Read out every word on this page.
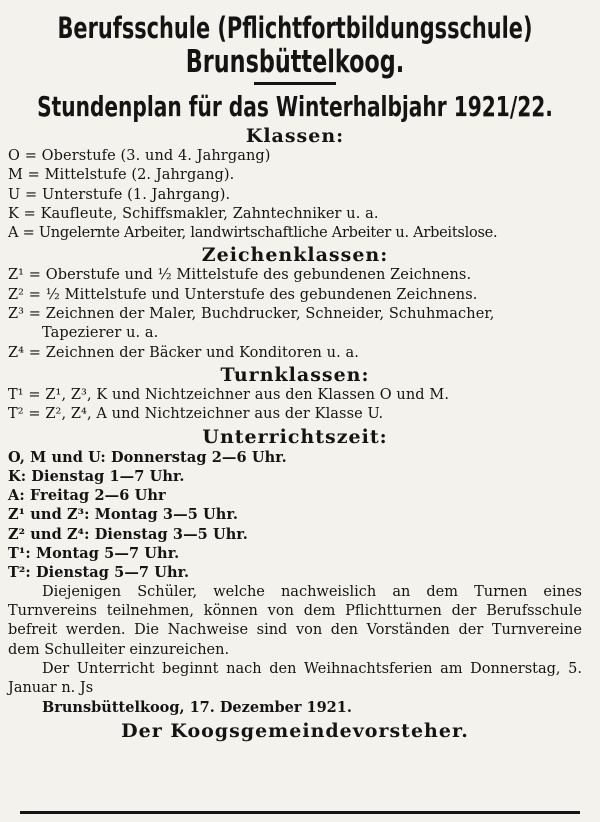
Berufsschule (Pflichtfortbildungsschule)
Brunsbüttelkoog.
Stundenplan für das Winterhalbjahr 1921/22.
Klassen:
O = Oberstufe (3. und 4. Jahrgang)
M = Mittelstufe (2. Jahrgang).
U = Unterstufe (1. Jahrgang).
K = Kaufleute, Schiffsmakler, Zahntechniker u. a.
A = Ungelernte Arbeiter, landwirtschaftliche Arbeiter u. Arbeitslose.
Zeichenklassen:
Z¹ = Oberstufe und ½ Mittelstufe des gebundenen Zeichnens.
Z² = ½ Mittelstufe und Unterstufe des gebundenen Zeichnens.
Z³ = Zeichnen der Maler, Buchdrucker, Schneider, Schuhmacher,
Tapezierer u. a.
Z⁴ = Zeichnen der Bäcker und Konditoren u. a.
Turnklassen:
T¹ = Z¹, Z³, K und Nichtzeichner aus den Klassen O und M.
T² = Z², Z⁴, A und Nichtzeichner aus der Klasse U.
Unterrichtszeit:
O, M und U: Donnerstag 2—6 Uhr.
K: Dienstag 1—7 Uhr.
A: Freitag 2—6 Uhr
Z¹ und Z³: Montag 3—5 Uhr.
Z² und Z⁴: Dienstag 3—5 Uhr.
T¹: Montag 5—7 Uhr.
T²: Dienstag 5—7 Uhr.

Diejenigen Schüler, welche nachweislich an dem Turnen eines Turnvereins teilnehmen, können von dem Pflichtturnen der Berufsschule befreit werden. Die Nachweise sind von den Vorständen der Turnvereine dem Schulleiter einzureichen.

Der Unterricht beginnt nach den Weihnachtsferien am Donnerstag, 5. Januar n. Js

Brunsbüttelkoog, 17. Dezember 1921.
Der Koogsgemeindevorsteher.
